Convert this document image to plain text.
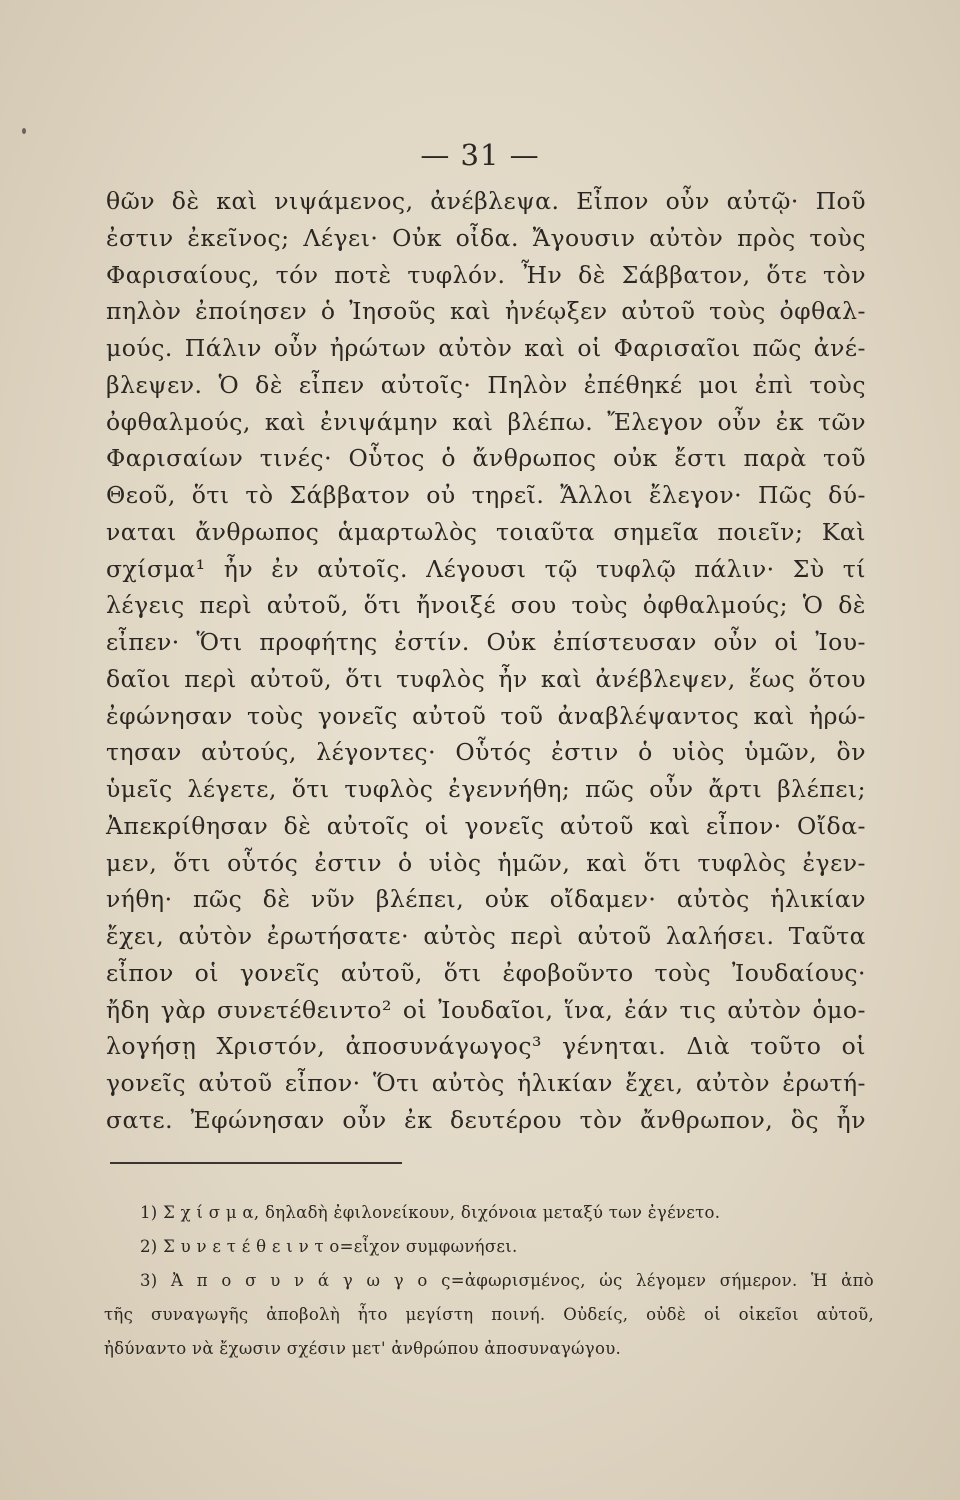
— 31 —
θῶν δὲ καὶ νιψάμενος, ἀνέβλεψα. Εἶπον οὖν αὐτῷ· Ποῦ
ἐστιν ἐκεῖνος; Λέγει· Οὐκ οἶδα. Ἄγουσιν αὐτὸν πρὸς τοὺς
Φαρισαίους, τόν ποτὲ τυφλόν. Ἦν δὲ Σάββατον, ὅτε τὸν
πηλὸν ἐποίησεν ὁ Ἰησοῦς καὶ ἠνέῳξεν αὐτοῦ τοὺς ὀφθαλ-
μούς. Πάλιν οὖν ἠρώτων αὐτὸν καὶ οἱ Φαρισαῖοι πῶς ἀνέ-
βλεψεν. Ὁ δὲ εἶπεν αὐτοῖς· Πηλὸν ἐπέθηκέ μοι ἐπὶ τοὺς
ὀφθαλμούς, καὶ ἐνιψάμην καὶ βλέπω. Ἔλεγον οὖν ἐκ τῶν
Φαρισαίων τινές· Οὗτος ὁ ἄνθρωπος οὐκ ἔστι παρὰ τοῦ
Θεοῦ, ὅτι τὸ Σάββατον οὐ τηρεῖ. Ἄλλοι ἔλεγον· Πῶς δύ-
ναται ἄνθρωπος ἁμαρτωλὸς τοιαῦτα σημεῖα ποιεῖν; Καὶ
σχίσμα¹ ἦν ἐν αὐτοῖς. Λέγουσι τῷ τυφλῷ πάλιν· Σὺ τί
λέγεις περὶ αὐτοῦ, ὅτι ἤνοιξέ σου τοὺς ὀφθαλμούς; Ὁ δὲ
εἶπεν· Ὅτι προφήτης ἐστίν. Οὐκ ἐπίστευσαν οὖν οἱ Ἰου-
δαῖοι περὶ αὐτοῦ, ὅτι τυφλὸς ἦν καὶ ἀνέβλεψεν, ἕως ὅτου
ἐφώνησαν τοὺς γονεῖς αὐτοῦ τοῦ ἀναβλέψαντος καὶ ἠρώ-
τησαν αὐτούς, λέγοντες· Οὗτός ἐστιν ὁ υἱὸς ὑμῶν, ὃν
ὑμεῖς λέγετε, ὅτι τυφλὸς ἐγεννήθη; πῶς οὖν ἄρτι βλέπει;
Ἀπεκρίθησαν δὲ αὐτοῖς οἱ γονεῖς αὐτοῦ καὶ εἶπον· Οἴδα-
μεν, ὅτι οὗτός ἐστιν ὁ υἱὸς ἡμῶν, καὶ ὅτι τυφλὸς ἐγεν-
νήθη· πῶς δὲ νῦν βλέπει, οὐκ οἴδαμεν· αὐτὸς ἡλικίαν
ἔχει, αὐτὸν ἐρωτήσατε· αὐτὸς περὶ αὐτοῦ λαλήσει. Ταῦτα
εἶπον οἱ γονεῖς αὐτοῦ, ὅτι ἐφοβοῦντο τοὺς Ἰουδαίους·
ἤδη γὰρ συνετέθειντο² οἱ Ἰουδαῖοι, ἵνα, ἐάν τις αὐτὸν ὁμο-
λογήσῃ Χριστόν, ἀποσυνάγωγος³ γένηται. Διὰ τοῦτο οἱ
γονεῖς αὐτοῦ εἶπον· Ὅτι αὐτὸς ἡλικίαν ἔχει, αὐτὸν ἐρωτή-
σατε. Ἐφώνησαν οὖν ἐκ δευτέρου τὸν ἄνθρωπον, ὃς ἦν
1) Σ χ ί σ μ α, δηλαδὴ ἐφιλονείκουν, διχόνοια μεταξύ των ἐγένετο.
2) Σ υ ν ε τ έ θ ε ι ν τ ο=εἶχον συμφωνήσει.
3) Ἀ π ο σ υ ν ά γ ω γ ο ς=ἀφωρισμένος, ὡς λέγομεν σήμερον. Ἡ ἀπὸ
τῆς συναγωγῆς ἀποβολὴ ἦτο μεγίστη ποινή. Οὐδείς, οὐδὲ οἱ οἰκεῖοι αὐτοῦ,
ἠδύναντο νὰ ἔχωσιν σχέσιν μετ' ἀνθρώπου ἀποσυναγώγου.
